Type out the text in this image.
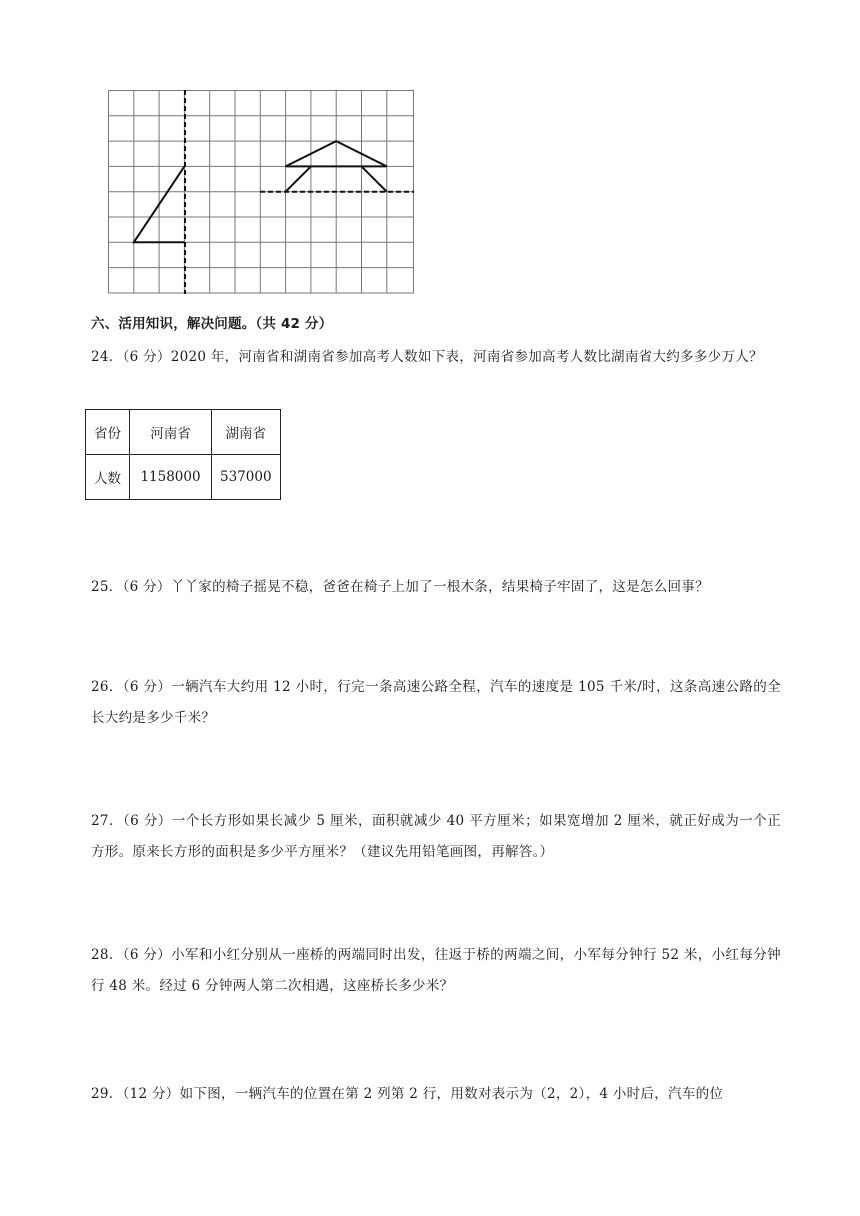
六、活用知识，解决问题。（共 42 分）
24．（6 分）2020 年，河南省和湖南省参加高考人数如下表，河南省参加高考人数比湖南省大约多多少万人？
省份	河南省	湖南省
人数	1158000	537000
25．（6 分）丫丫家的椅子摇晃不稳，爸爸在椅子上加了一根木条，结果椅子牢固了，这是怎么回事？
26．（6 分）一辆汽车大约用 12 小时，行完一条高速公路全程，汽车的速度是 105 千米/时，这条高速公路的全长大约是多少千米？
27．（6 分）一个长方形如果长减少 5 厘米，面积就减少 40 平方厘米；如果宽增加 2 厘米，就正好成为一个正方形。原来长方形的面积是多少平方厘米？（建议先用铅笔画图，再解答。）
28．（6 分）小军和小红分别从一座桥的两端同时出发，往返于桥的两端之间，小军每分钟行 52 米，小红每分钟行 48 米。经过 6 分钟两人第二次相遇，这座桥长多少米？
29．（12 分）如下图，一辆汽车的位置在第 2 列第 2 行，用数对表示为（2，2），4 小时后，汽车的位
